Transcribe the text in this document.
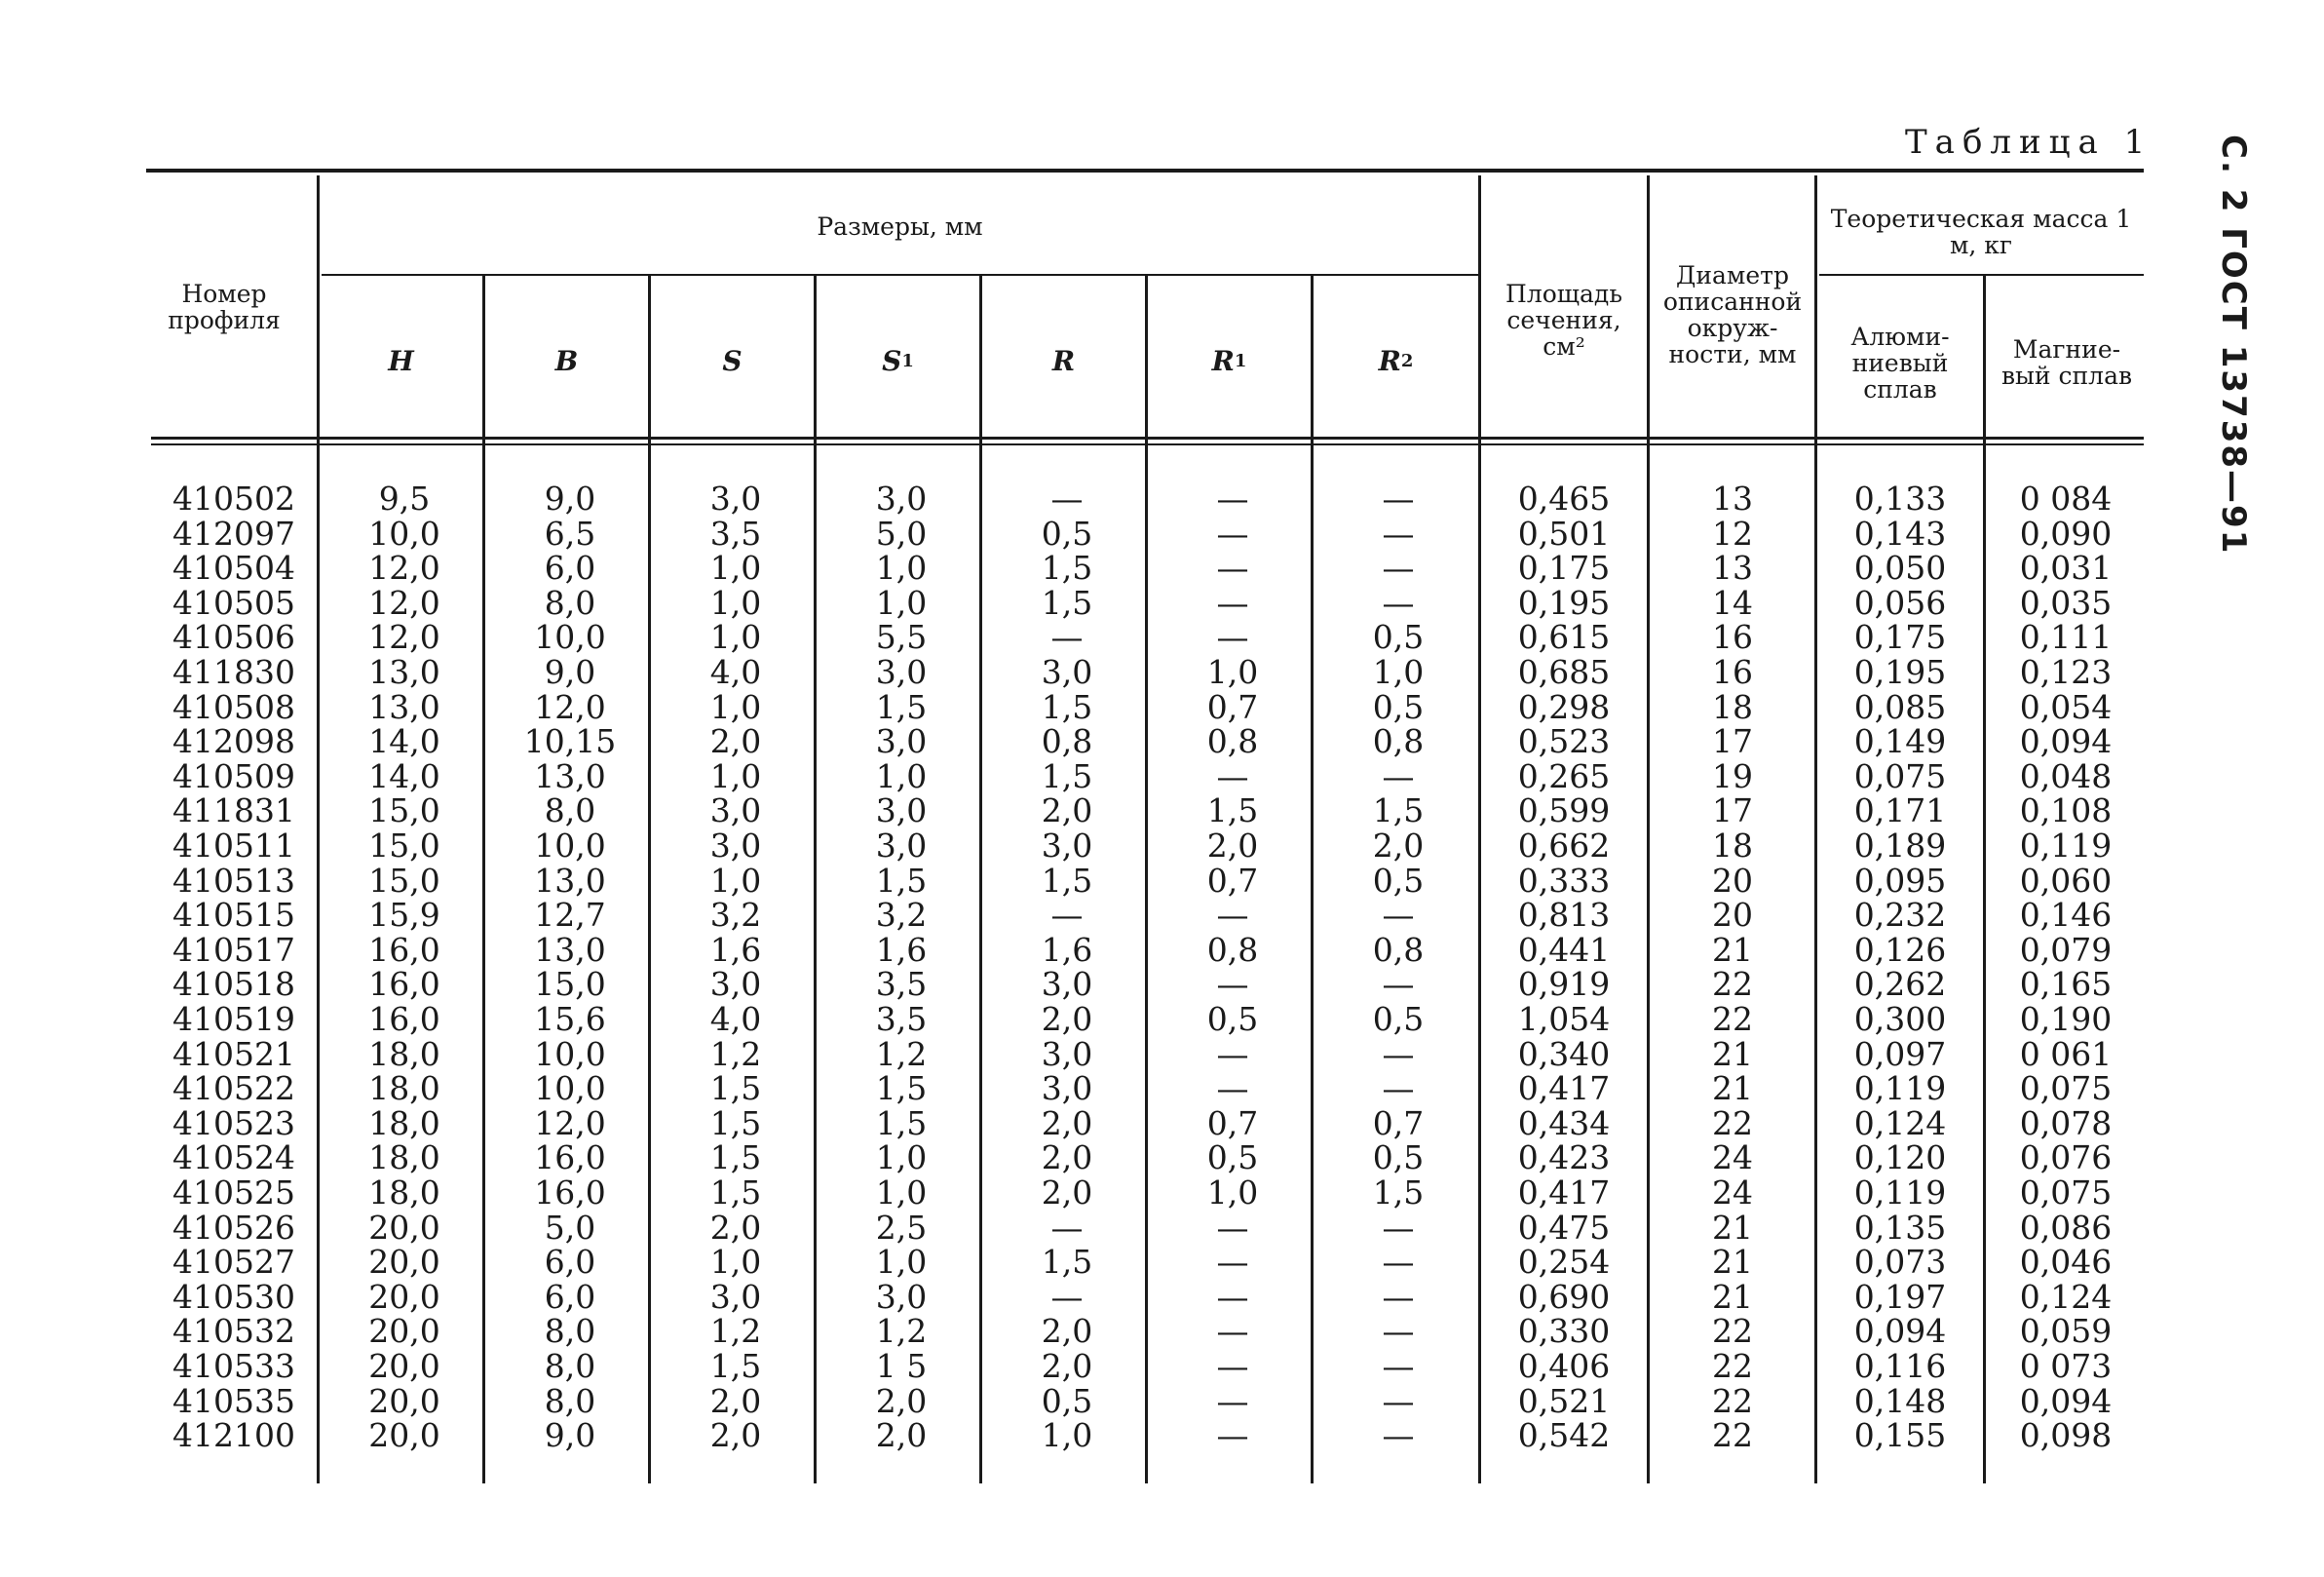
Таблица 1 С. 2 ГОСТ 13738—91
Номер профиля
Размеры, мм
H	B	S	S 1	R	R 1	R 2
Площадь сечения, см²
Диаметр описанной окруж-ности, мм
Теоретическая масса 1 м, кг
Алюми-ниевый сплав
Магние-вый сплав
410502	9,5	9,0	3,0	3,0	—	—	—	0,465	13	0,133	0 084
412097	10,0	6,5	3,5	5,0	0,5	—	—	0,501	12	0,143	0,090
410504	12,0	6,0	1,0	1,0	1,5	—	—	0,175	13	0,050	0,031
410505	12,0	8,0	1,0	1,0	1,5	—	—	0,195	14	0,056	0,035
410506	12,0	10,0	1,0	5,5	—	—	0,5	0,615	16	0,175	0,111
411830	13,0	9,0	4,0	3,0	3,0	1,0	1,0	0,685	16	0,195	0,123
410508	13,0	12,0	1,0	1,5	1,5	0,7	0,5	0,298	18	0,085	0,054
412098	14,0	10,15	2,0	3,0	0,8	0,8	0,8	0,523	17	0,149	0,094
410509	14,0	13,0	1,0	1,0	1,5	—	—	0,265	19	0,075	0,048
411831	15,0	8,0	3,0	3,0	2,0	1,5	1,5	0,599	17	0,171	0,108
410511	15,0	10,0	3,0	3,0	3,0	2,0	2,0	0,662	18	0,189	0,119
410513	15,0	13,0	1,0	1,5	1,5	0,7	0,5	0,333	20	0,095	0,060
410515	15,9	12,7	3,2	3,2	—	—	—	0,813	20	0,232	0,146
410517	16,0	13,0	1,6	1,6	1,6	0,8	0,8	0,441	21	0,126	0,079
410518	16,0	15,0	3,0	3,5	3,0	—	—	0,919	22	0,262	0,165
410519	16,0	15,6	4,0	3,5	2,0	0,5	0,5	1,054	22	0,300	0,190
410521	18,0	10,0	1,2	1,2	3,0	—	—	0,340	21	0,097	0 061
410522	18,0	10,0	1,5	1,5	3,0	—	—	0,417	21	0,119	0,075
410523	18,0	12,0	1,5	1,5	2,0	0,7	0,7	0,434	22	0,124	0,078
410524	18,0	16,0	1,5	1,0	2,0	0,5	0,5	0,423	24	0,120	0,076
410525	18,0	16,0	1,5	1,0	2,0	1,0	1,5	0,417	24	0,119	0,075
410526	20,0	5,0	2,0	2,5	—	—	—	0,475	21	0,135	0,086
410527	20,0	6,0	1,0	1,0	1,5	—	—	0,254	21	0,073	0,046
410530	20,0	6,0	3,0	3,0	—	—	—	0,690	21	0,197	0,124
410532	20,0	8,0	1,2	1,2	2,0	—	—	0,330	22	0,094	0,059
410533	20,0	8,0	1,5	1 5	2,0	—	—	0,406	22	0,116	0 073
410535	20,0	8,0	2,0	2,0	0,5	—	—	0,521	22	0,148	0,094
412100	20,0	9,0	2,0	2,0	1,0	—	—	0,542	22	0,155	0,098
